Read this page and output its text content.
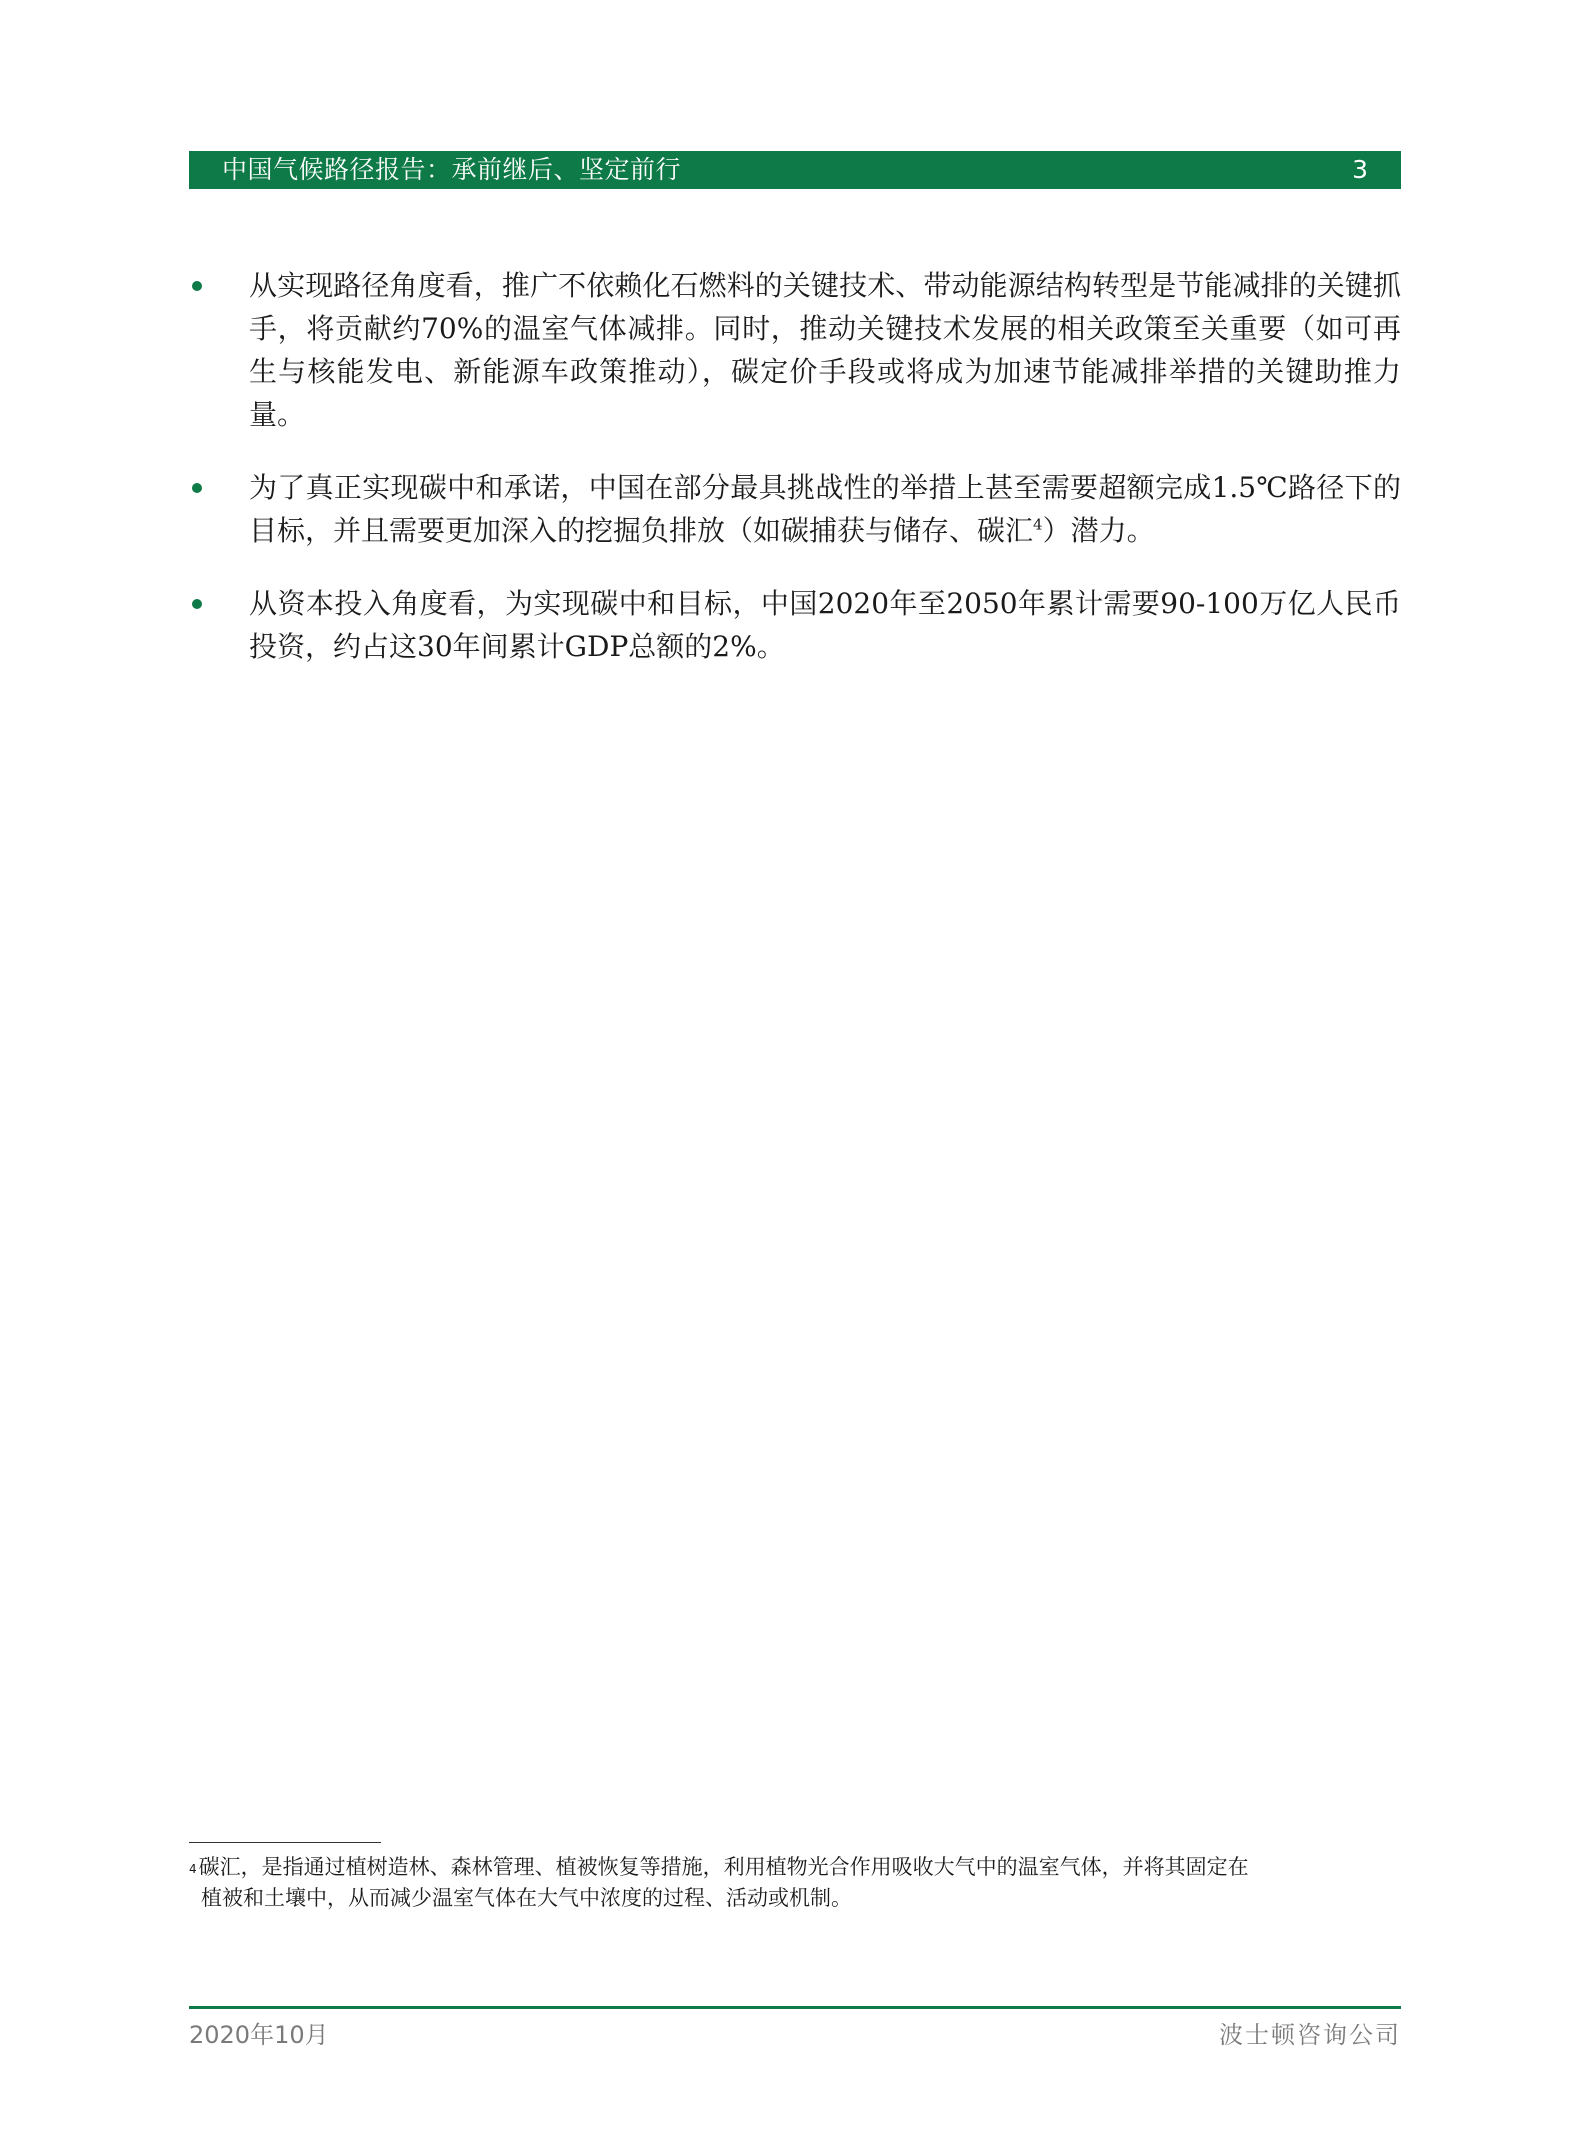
中国气候路径报告：承前继后、坚定前行	3
从实现路径角度看，推广不依赖化石燃料的关键技术、带动能源结构转型是节能减排的关键抓手，将贡献约70%的温室气体减排。同时，推动关键技术发展的相关政策至关重要（如可再生与核能发电、新能源车政策推动），碳定价手段或将成为加速节能减排举措的关键助推力量。
为了真正实现碳中和承诺，中国在部分最具挑战性的举措上甚至需要超额完成1.5℃路径下的目标，并且需要更加深入的挖掘负排放（如碳捕获与储存、碳汇$^4$）潜力。
从资本投入角度看，为实现碳中和目标，中国2020年至2050年累计需要90-100万亿人民币投资，约占这30年间累计GDP总额的2%。
4碳汇，是指通过植树造林、森林管理、植被恢复等措施，利用植物光合作用吸收大气中的温室气体，并将其固定在
植被和土壤中，从而减少温室气体在大气中浓度的过程、活动或机制。
2020年10月	波士顿咨询公司
